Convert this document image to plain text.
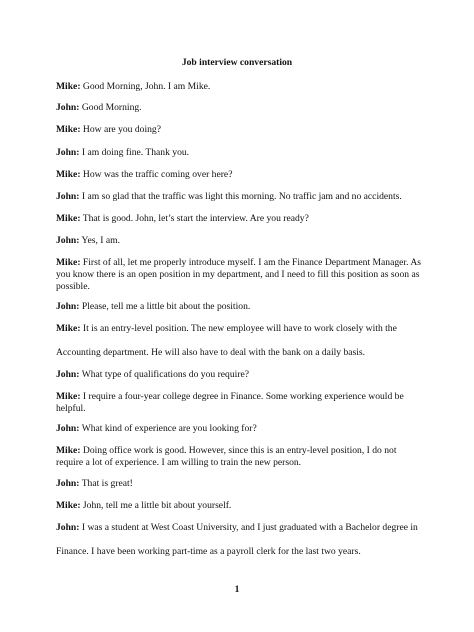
Job interview conversation

Mike: Good Morning, John. I am Mike.

John: Good Morning.

Mike: How are you doing?

John: I am doing fine. Thank you.

Mike: How was the traffic coming over here?

John: I am so glad that the traffic was light this morning. No traffic jam and no accidents.

Mike: That is good. John, let’s start the interview. Are you ready?

John: Yes, I am.

Mike: First of all, let me properly introduce myself. I am the Finance Department Manager. As you know there is an open position in my department, and I need to fill this position as soon as possible.

John: Please, tell me a little bit about the position.

Mike: It is an entry-level position. The new employee will have to work closely with the

Accounting department. He will also have to deal with the bank on a daily basis.

John: What type of qualifications do you require?

Mike: I require a four-year college degree in Finance. Some working experience would be helpful.

John: What kind of experience are you looking for?

Mike: Doing office work is good. However, since this is an entry-level position, I do not require a lot of experience. I am willing to train the new person.

John: That is great!

Mike: John, tell me a little bit about yourself.

John: I was a student at West Coast University, and I just graduated with a Bachelor degree in

Finance. I have been working part-time as a payroll clerk for the last two years.

1
